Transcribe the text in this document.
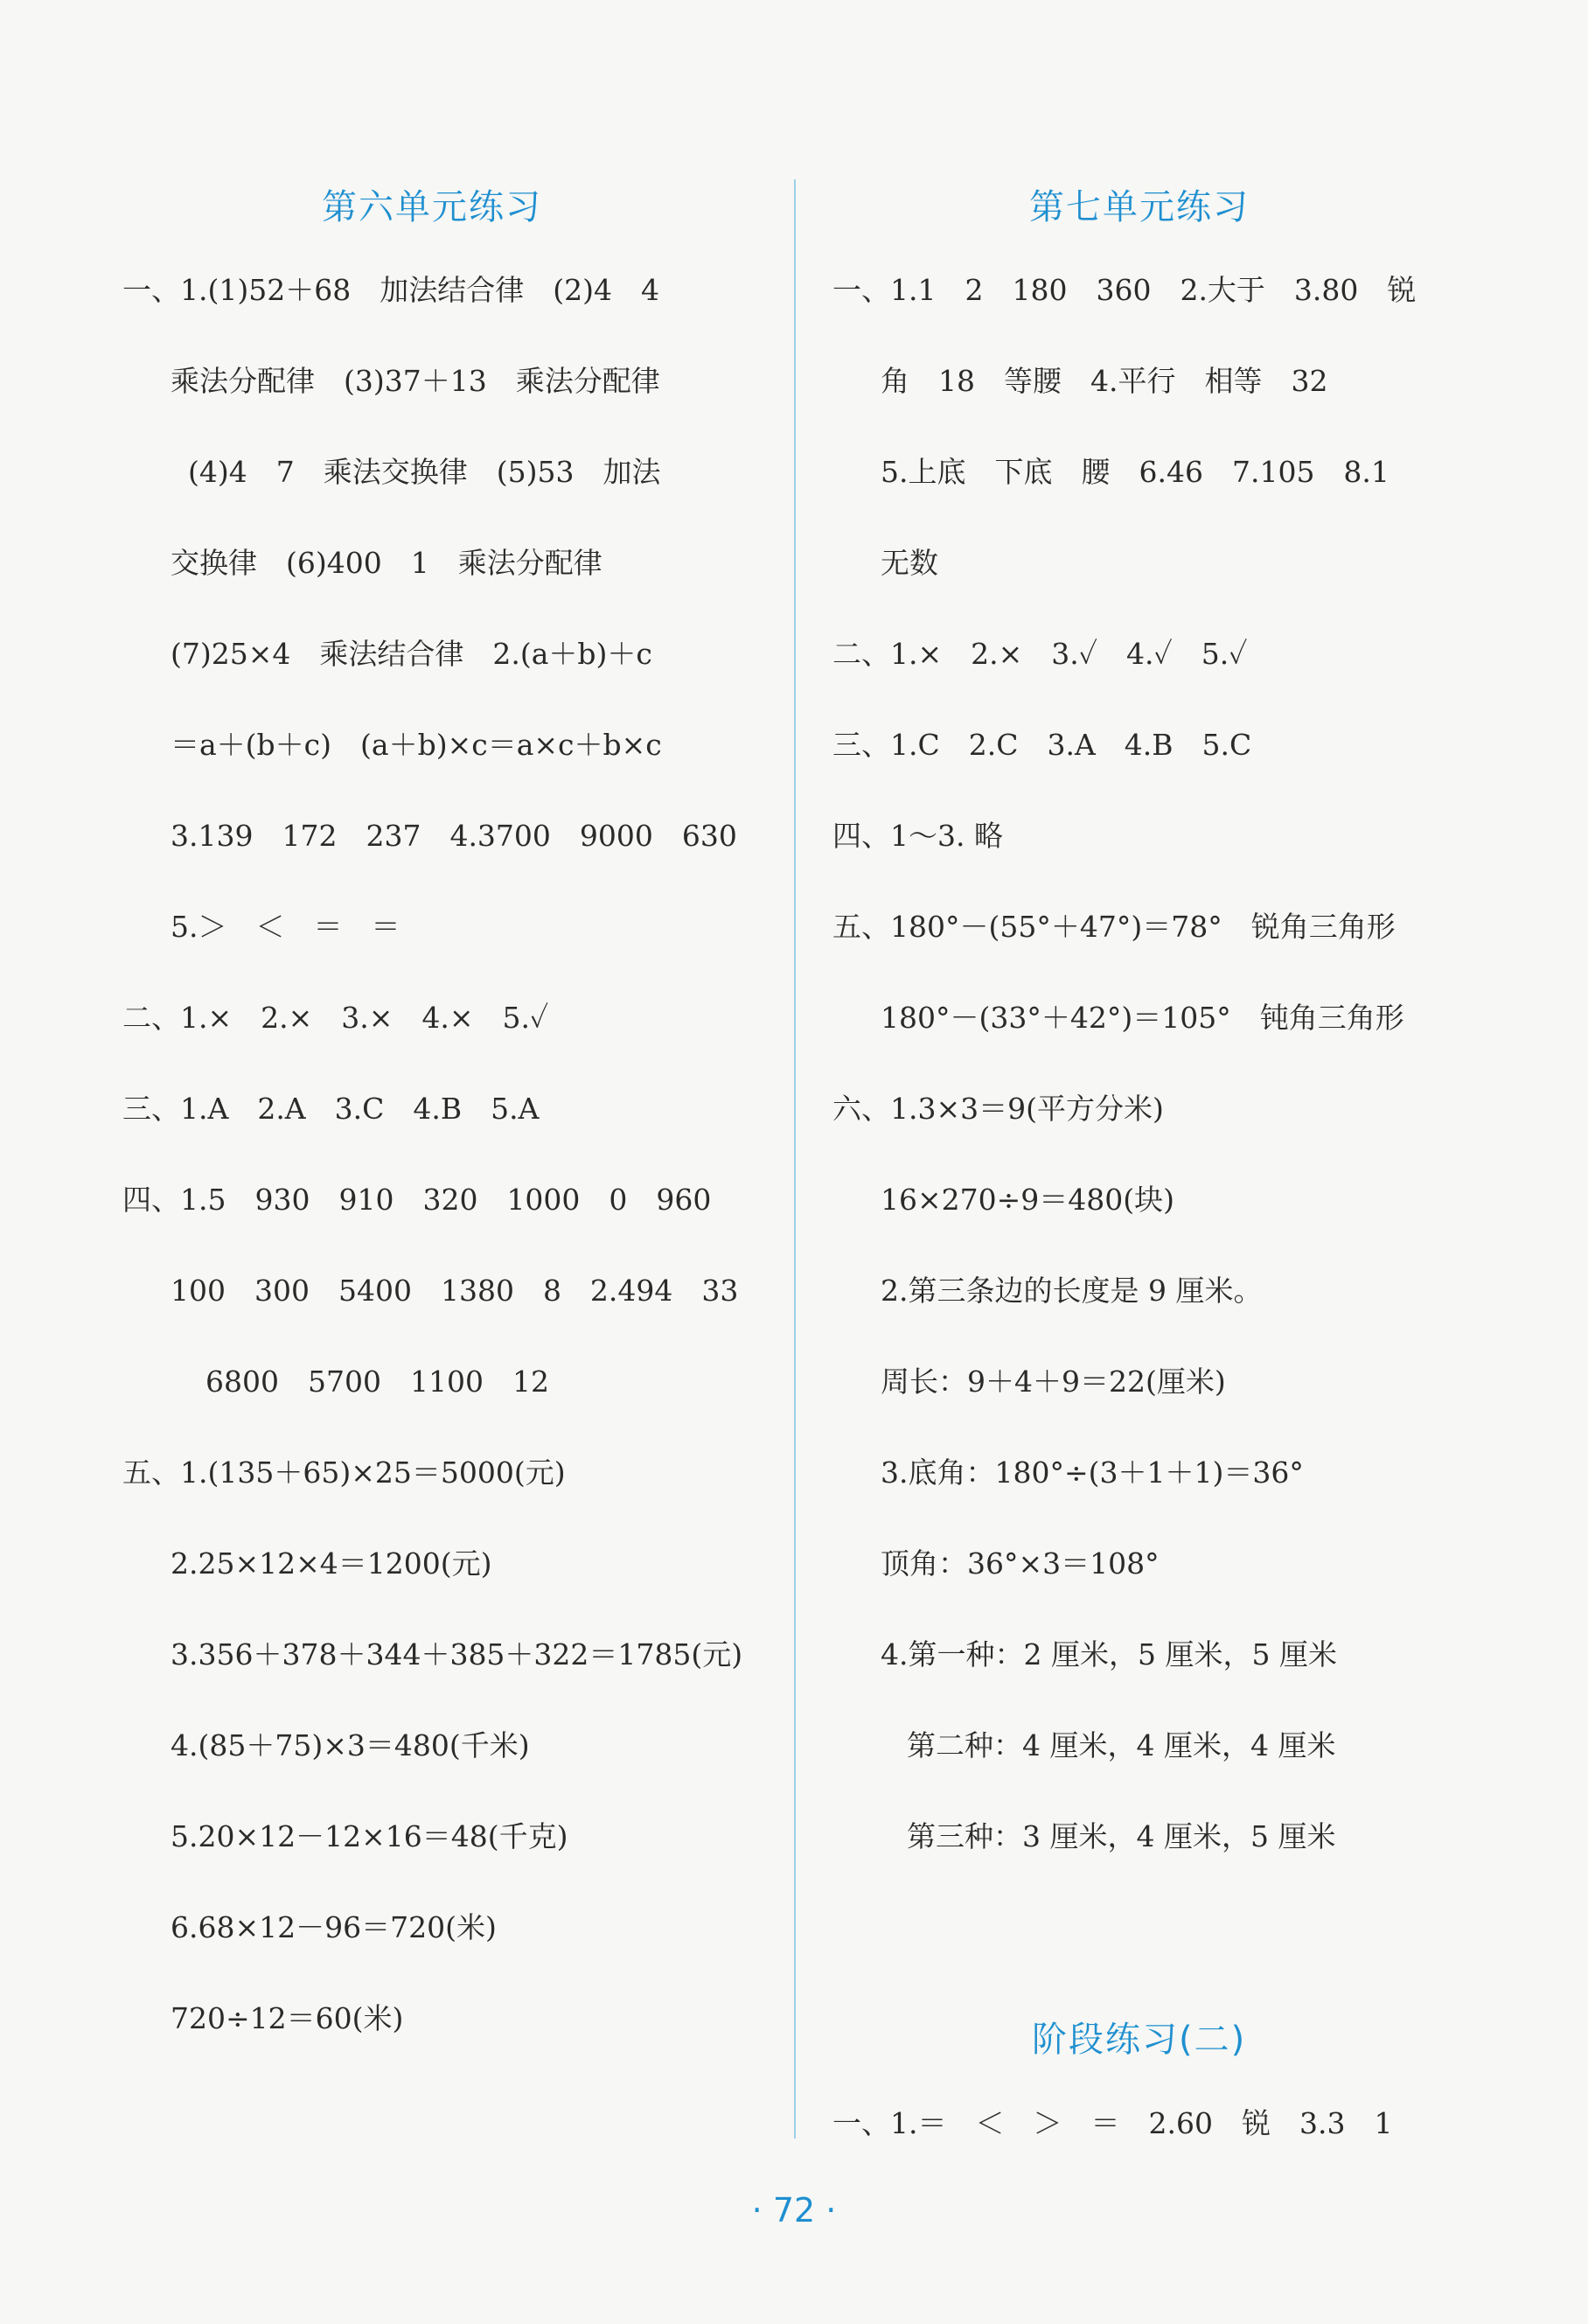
第六单元练习
一、1.(1)52＋68　加法结合律　(2)4　4
乘法分配律　(3)37＋13　乘法分配律
(4)4　7　乘法交换律　(5)53　加法
交换律　(6)400　1　乘法分配律
(7)25×4　乘法结合律　2.(a＋b)＋c
＝a＋(b＋c)　(a＋b)×c＝a×c＋b×c
3.139　172　237　4.3700　9000　630
5.＞　＜　＝　＝
二、1.×　2.×　3.×　4.×　5.✓
三、1.A　2.A　3.C　4.B　5.A
四、1.5　930　910　320　1000　0　960
100　300　5400　1380　8　2.494　33
6800　5700　1100　12
五、1.(135＋65)×25＝5000(元)
2.25×12×4＝1200(元)
3.356＋378＋344＋385＋322＝1785(元)
4.(85＋75)×3＝480(千米)
5.20×12－12×16＝48(千克)
6.68×12－96＝720(米)
720÷12＝60(米)
第七单元练习
一、1.1　2　180　360　2.大于　3.80　锐
角　18　等腰　4.平行　相等　32
5.上底　下底　腰　6.46　7.105　8.1
无数
二、1.×　2.×　3.✓　4.✓　5.✓
三、1.C　2.C　3.A　4.B　5.C
四、1～3. 略
五、180°－(55°＋47°)＝78°　锐角三角形
180°－(33°＋42°)＝105°　钝角三角形
六、1.3×3＝9(平方分米)
16×270÷9＝480(块)
2.第三条边的长度是 9 厘米。
周长：9＋4＋9＝22(厘米)
3.底角：180°÷(3＋1＋1)＝36°
顶角：36°×3＝108°
4.第一种：2 厘米，5 厘米，5 厘米
第二种：4 厘米，4 厘米，4 厘米
第三种：3 厘米，4 厘米，5 厘米
阶段练习(二)
一、1.＝　＜　＞　＝　2.60　锐　3.3　1
· 72 ·
